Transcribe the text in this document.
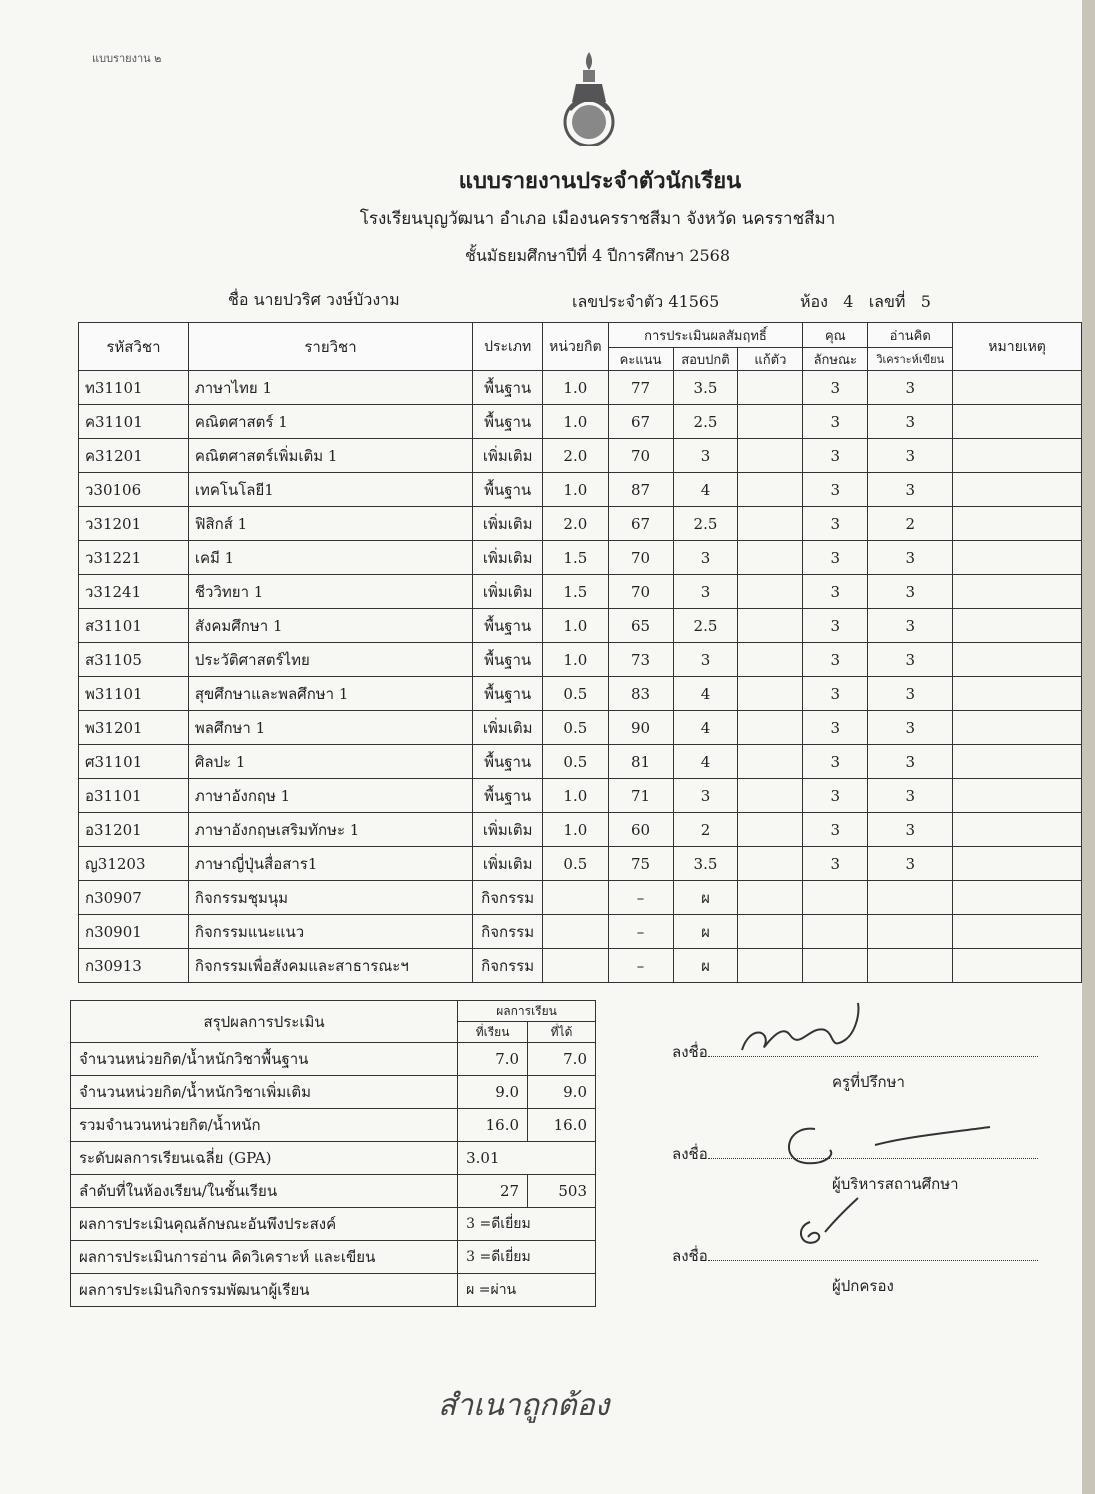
แบบรายงาน ๒
แบบรายงานประจำตัวนักเรียน
โรงเรียนบุญวัฒนา อำเภอ เมืองนครราชสีมา จังหวัด นครราชสีมา
ชั้นมัธยมศึกษาปีที่ 4 ปีการศึกษา 2568
ชื่อ นายปวริศ วงษ์บัวงาม	เลขประจำตัว 41565	ห้อง 4 เลขที่ 5
รหัสวิชา	รายวิชา	ประเภท	หน่วยกิต	การประเมินผลสัมฤทธิ์			คุณ	อ่านคิด	หมายเหตุ
				คะแนน	สอบปกติ	แก้ตัว	ลักษณะ	วิเคราะห์เขียน	
ท31101	ภาษาไทย 1	พื้นฐาน	1.0	77	3.5		3	3	
ค31101	คณิตศาสตร์ 1	พื้นฐาน	1.0	67	2.5		3	3	
ค31201	คณิตศาสตร์เพิ่มเติม 1	เพิ่มเติม	2.0	70	3		3	3	
ว30106	เทคโนโลยี1	พื้นฐาน	1.0	87	4		3	3	
ว31201	ฟิสิกส์ 1	เพิ่มเติม	2.0	67	2.5		3	2	
ว31221	เคมี 1	เพิ่มเติม	1.5	70	3		3	3	
ว31241	ชีววิทยา 1	เพิ่มเติม	1.5	70	3		3	3	
ส31101	สังคมศึกษา 1	พื้นฐาน	1.0	65	2.5		3	3	
ส31105	ประวัติศาสตร์ไทย	พื้นฐาน	1.0	73	3		3	3	
พ31101	สุขศึกษาและพลศึกษา 1	พื้นฐาน	0.5	83	4		3	3	
พ31201	พลศึกษา 1	เพิ่มเติม	0.5	90	4		3	3	
ศ31101	ศิลปะ 1	พื้นฐาน	0.5	81	4		3	3	
อ31101	ภาษาอังกฤษ 1	พื้นฐาน	1.0	71	3		3	3	
อ31201	ภาษาอังกฤษเสริมทักษะ 1	เพิ่มเติม	1.0	60	2		3	3	
ญ31203	ภาษาญี่ปุ่นสื่อสาร1	เพิ่มเติม	0.5	75	3.5		3	3	
ก30907	กิจกรรมชุมนุม	กิจกรรม		–	ผ				
ก30901	กิจกรรมแนะแนว	กิจกรรม		–	ผ				
ก30913	กิจกรรมเพื่อสังคมและสาธารณะฯ	กิจกรรม		–	ผ				
สรุปผลการประเมิน	ผลการเรียน	
	ที่เรียน	ที่ได้
จำนวนหน่วยกิต/น้ำหนักวิชาพื้นฐาน	7.0	7.0
จำนวนหน่วยกิต/น้ำหนักวิชาเพิ่มเติม	9.0	9.0
รวมจำนวนหน่วยกิต/น้ำหนัก	16.0	16.0
ระดับผลการเรียนเฉลี่ย (GPA)	3.01	
ลำดับที่ในห้องเรียน/ในชั้นเรียน	27	503
ผลการประเมินคุณลักษณะอันพึงประสงค์	3 =ดีเยี่ยม	
ผลการประเมินการอ่าน คิดวิเคราะห์ และเขียน	3 =ดีเยี่ยม	
ผลการประเมินกิจกรรมพัฒนาผู้เรียน	ผ =ผ่าน	
ลงชื่อ
ครูที่ปรึกษา
ลงชื่อ
ผู้บริหารสถานศึกษา
ลงชื่อ
ผู้ปกครอง
สำเนาถูกต้อง
